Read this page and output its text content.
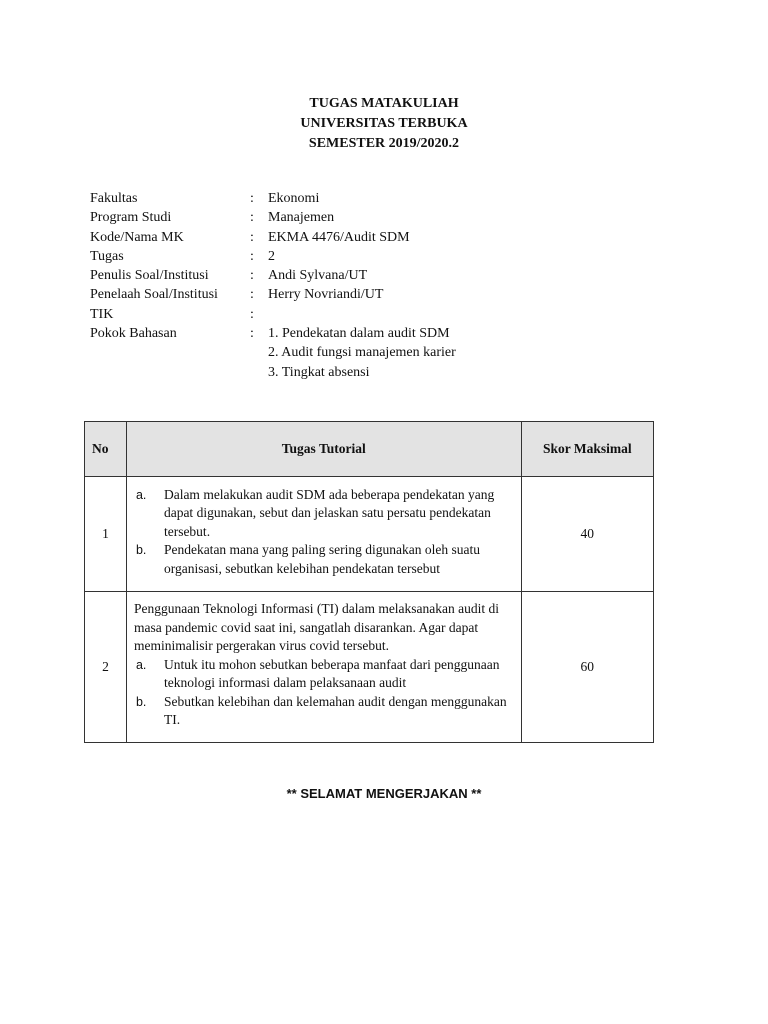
TUGAS MATAKULIAH
UNIVERSITAS TERBUKA
SEMESTER 2019/2020.2
Fakultas	:	Ekonomi
Program Studi	:	Manajemen
Kode/Nama MK	:	EKMA 4476/Audit SDM
Tugas	:	2
Penulis Soal/Institusi	:	Andi Sylvana/UT
Penelaah Soal/Institusi	:	Herry Novriandi/UT
TIK	:
Pokok Bahasan	:	1. Pendekatan dalam audit SDM
2. Audit fungsi manajemen karier
3. Tingkat absensi
No	Tugas Tutorial	Skor Maksimal
1	a. Dalam melakukan audit SDM ada beberapa pendekatan yang dapat digunakan, sebut dan jelaskan satu persatu pendekatan tersebut.
b. Pendekatan mana yang paling sering digunakan oleh suatu organisasi, sebutkan kelebihan pendekatan tersebut	40
2	Penggunaan Teknologi Informasi (TI) dalam melaksanakan audit di masa pandemic covid saat ini, sangatlah disarankan. Agar dapat meminimalisir pergerakan virus covid tersebut.
a. Untuk itu mohon sebutkan beberapa manfaat dari penggunaan teknologi informasi dalam pelaksanaan audit
b. Sebutkan kelebihan dan kelemahan audit dengan menggunakan TI.	60
** SELAMAT MENGERJAKAN **
